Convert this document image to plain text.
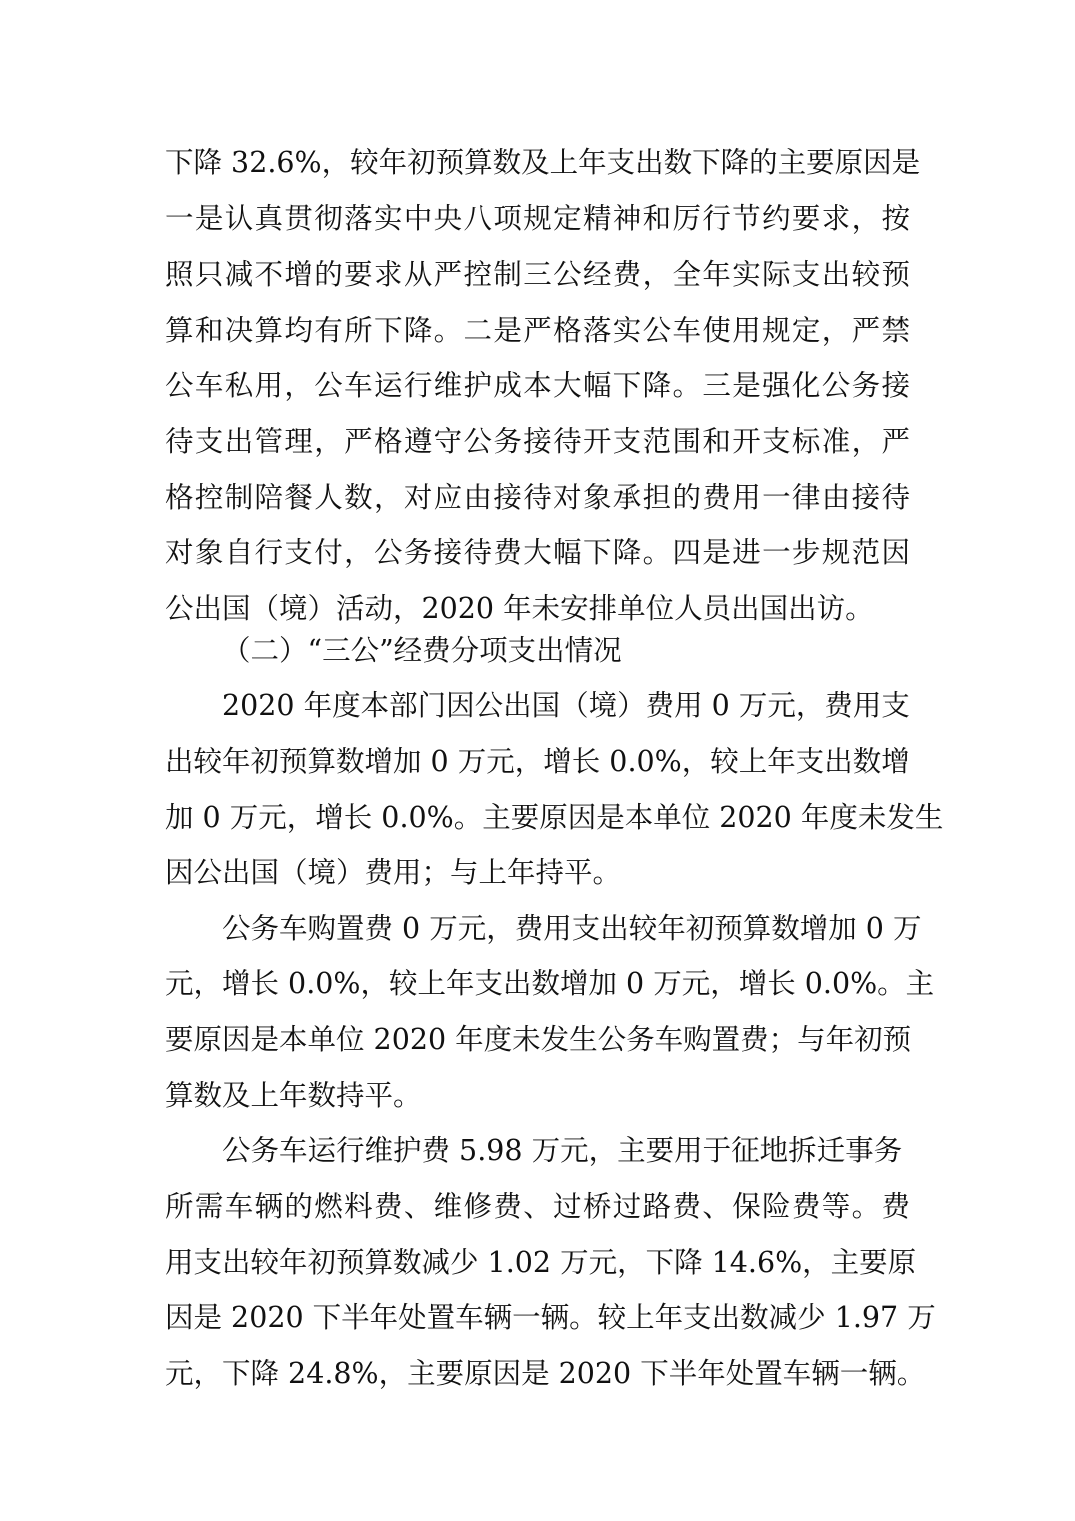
下降 32.6%，较年初预算数及上年支出数下降的主要原因是
一是认真贯彻落实中央八项规定精神和厉行节约要求，按
照只减不增的要求从严控制三公经费，全年实际支出较预
算和决算均有所下降。二是严格落实公车使用规定，严禁
公车私用，公车运行维护成本大幅下降。三是强化公务接
待支出管理，严格遵守公务接待开支范围和开支标准，严
格控制陪餐人数，对应由接待对象承担的费用一律由接待
对象自行支付，公务接待费大幅下降。四是进一步规范因
公出国（境）活动，2020 年未安排单位人员出国出访。
（二）“三公”经费分项支出情况
2020 年度本部门因公出国（境）费用 0 万元，费用支
出较年初预算数增加 0 万元，增长 0.0%，较上年支出数增
加 0 万元，增长 0.0%。主要原因是本单位 2020 年度未发生
因公出国（境）费用；与上年持平。
公务车购置费 0 万元，费用支出较年初预算数增加 0 万
元，增长 0.0%，较上年支出数增加 0 万元，增长 0.0%。主
要原因是本单位 2020 年度未发生公务车购置费；与年初预
算数及上年数持平。
公务车运行维护费 5.98 万元，主要用于征地拆迁事务
所需车辆的燃料费、维修费、过桥过路费、保险费等。费
用支出较年初预算数减少 1.02 万元，下降 14.6%，主要原
因是 2020 下半年处置车辆一辆。较上年支出数减少 1.97 万
元，下降 24.8%，主要原因是 2020 下半年处置车辆一辆。
